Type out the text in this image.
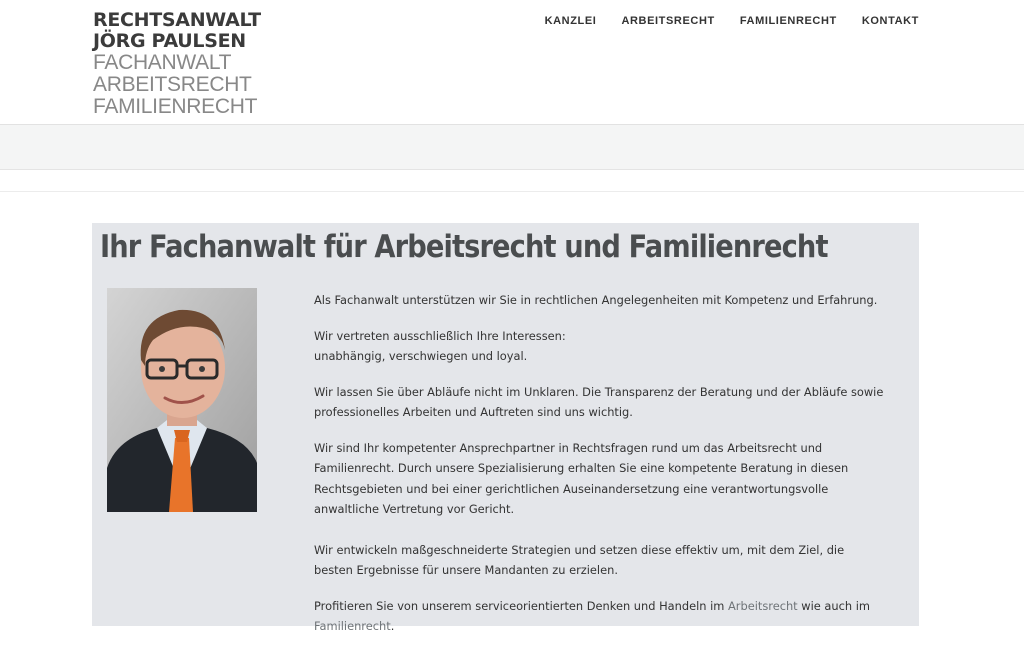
RECHTSANWALT
JÖRG PAULSEN
FACHANWALT
ARBEITSRECHT
FAMILIENRECHT
KANZLEI ARBEITSRECHT FAMILIENRECHT KONTAKT
Ihr Fachanwalt für Arbeitsrecht und Familienrecht

Als Fachanwalt unterstützen wir Sie in rechtlichen Angelegenheiten mit Kompetenz und Erfahrung.

Wir vertreten ausschließlich Ihre Interessen:
unabhängig, verschwiegen und loyal.

Wir lassen Sie über Abläufe nicht im Unklaren. Die Transparenz der Beratung und der Abläufe sowie professionelles Arbeiten und Auftreten sind uns wichtig.

Wir sind Ihr kompetenter Ansprechpartner in Rechtsfragen rund um das Arbeitsrecht und Familienrecht. Durch unsere Spezialisierung erhalten Sie eine kompetente Beratung in diesen Rechtsgebieten und bei einer gerichtlichen Auseinandersetzung eine verantwortungsvolle anwaltliche Vertretung vor Gericht.

Wir entwickeln maßgeschneiderte Strategien und setzen diese effektiv um, mit dem Ziel, die besten Ergebnisse für unsere Mandanten zu erzielen.

Profitieren Sie von unserem serviceorientierten Denken und Handeln im Arbeitsrecht wie auch im Familienrecht.
